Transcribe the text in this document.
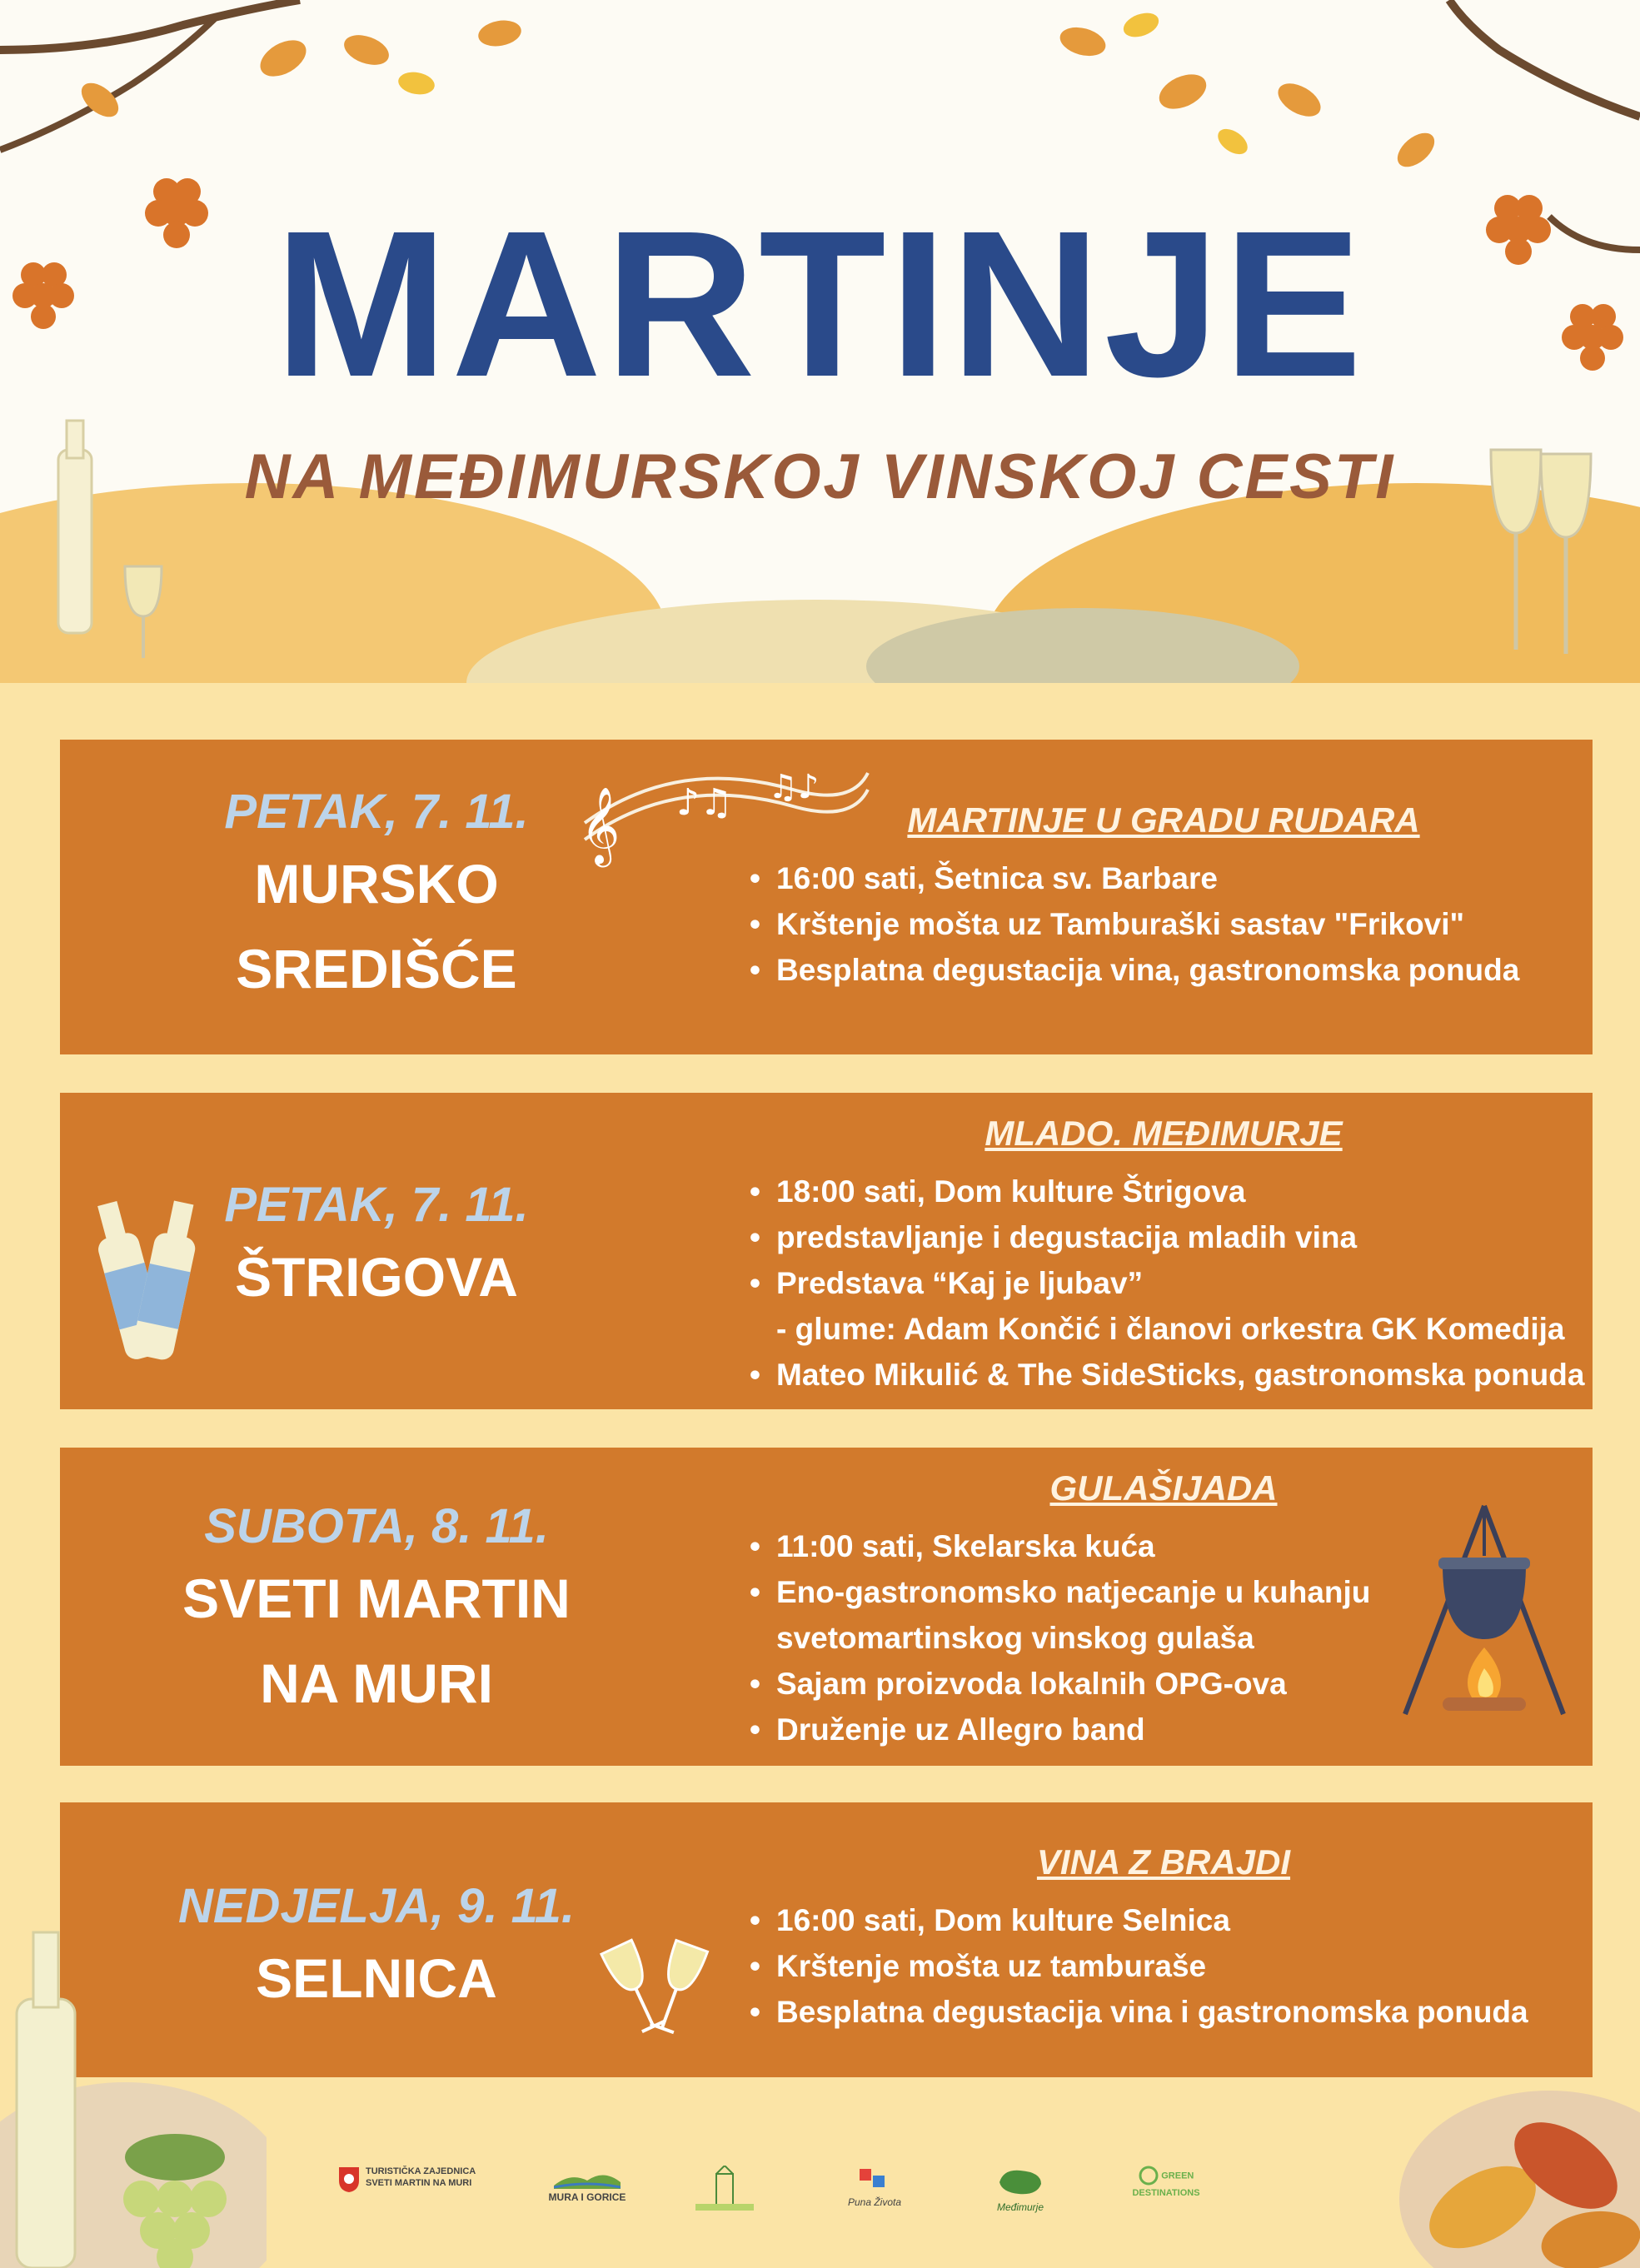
MARTINJE
NA MEĐIMURSKOJ VINSKOJ CESTI
PETAK, 7. 11.
MURSKO
SREDIŠĆE
MARTINJE U GRADU RUDARA
• 16:00 sati, Šetnica sv. Barbare
• Krštenje mošta uz Tamburaški sastav "Frikovi"
• Besplatna degustacija vina, gastronomska ponuda
𝄞 ♪♫ ♫♪
PETAK, 7. 11.
ŠTRIGOVA
MLADO. MEĐIMURJE
• 18:00 sati, Dom kulture Štrigova
• predstavljanje i degustacija mladih vina
• Predstava “Kaj je ljubav”
- glume: Adam Končić i članovi orkestra GK Komedija
• Mateo Mikulić & The SideSticks, gastronomska ponuda
SUBOTA, 8. 11.
SVETI MARTIN
NA MURI
GULAŠIJADA
• 11:00 sati, Skelarska kuća
• Eno-gastronomsko natjecanje u kuhanju
svetomartinskog vinskog gulaša
• Sajam proizvoda lokalnih OPG-ova
• Druženje uz Allegro band
NEDJELJA, 9. 11.
SELNICA
VINA Z BRAJDI
• 16:00 sati, Dom kulture Selnica
• Krštenje mošta uz tamburaše
• Besplatna degustacija vina i gastronomska ponuda
TURISTIČKA ZAJEDNICA
SVETI MARTIN NA MURI
MURA I GORICE	Puna Života	Međimurje
GREEN DESTINATIONS
